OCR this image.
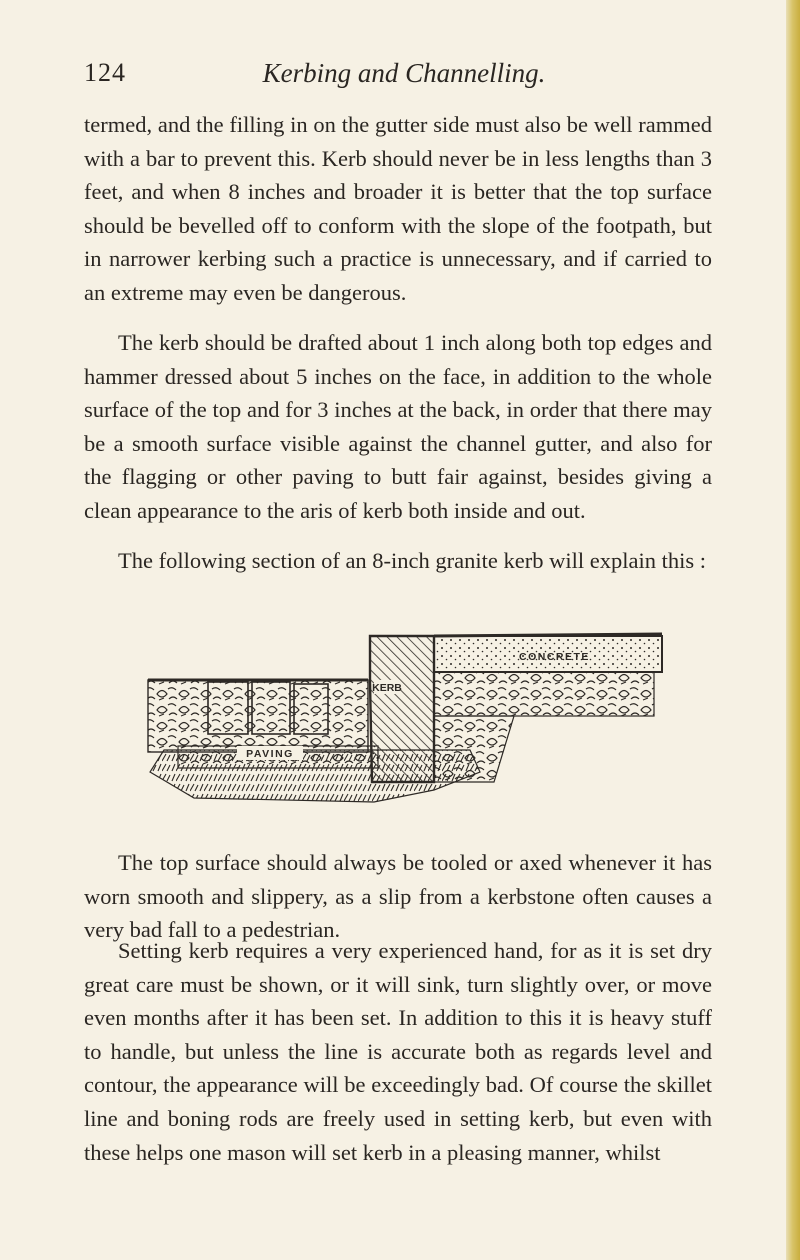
124	Kerbing and Channelling.

termed, and the filling in on the gutter side must also be well rammed with a bar to prevent this. Kerb should never be in less lengths than 3 feet, and when 8 inches and broader it is better that the top surface should be bevelled off to conform with the slope of the footpath, but in narrower kerbing such a practice is unnecessary, and if carried to an extreme may even be dangerous.

The kerb should be drafted about 1 inch along both top edges and hammer dressed about 5 inches on the face, in addition to the whole surface of the top and for 3 inches at the back, in order that there may be a smooth surface visible against the channel gutter, and also for the flagging or other paving to butt fair against, besides giving a clean appearance to the aris of kerb both inside and out.

The following section of an 8-inch granite kerb will explain this :

KERB
CONCRETE
PAVING

The top surface should always be tooled or axed whenever it has worn smooth and slippery, as a slip from a kerbstone often causes a very bad fall to a pedestrian.

Setting kerb requires a very experienced hand, for as it is set dry great care must be shown, or it will sink, turn slightly over, or move even months after it has been set. In addition to this it is heavy stuff to handle, but unless the line is accurate both as regards level and contour, the appearance will be exceedingly bad. Of course the skillet line and boning rods are freely used in setting kerb, but even with these helps one mason will set kerb in a pleasing manner, whilst
